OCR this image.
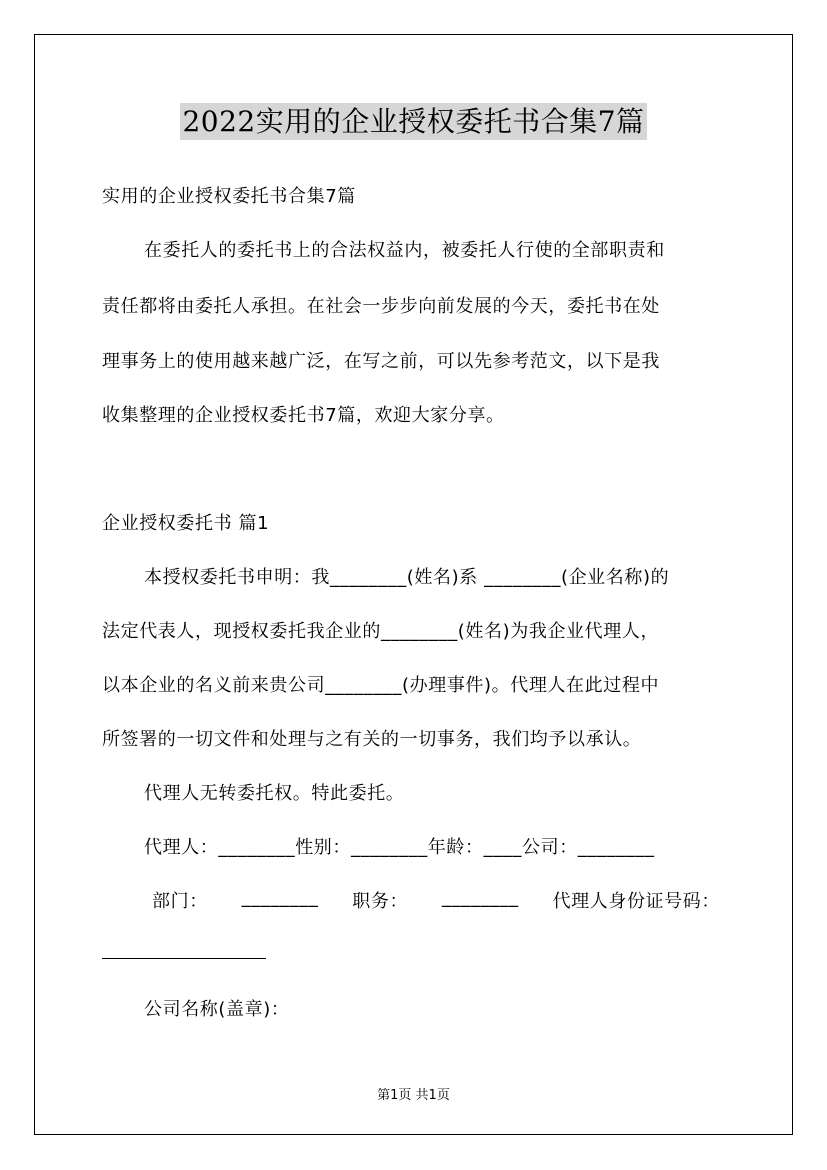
2022实用的企业授权委托书合集7篇
实用的企业授权委托书合集7篇
在委托人的委托书上的合法权益内，被委托人行使的全部职责和
责任都将由委托人承担。在社会一步步向前发展的今天，委托书在处
理事务上的使用越来越广泛，在写之前，可以先参考范文，以下是我
收集整理的企业授权委托书7篇，欢迎大家分享。
企业授权委托书 篇1
本授权委托书申明：我________(姓名)系 ________(企业名称)的
法定代表人，现授权委托我企业的________(姓名)为我企业代理人，
以本企业的名义前来贵公司________(办理事件)。代理人在此过程中
所签署的一切文件和处理与之有关的一切事务，我们均予以承认。
代理人无转委托权。特此委托。
代理人：________性别：________年龄：____公司：________
部门： ________ 职务： ________ 代理人身份证号码：
公司名称(盖章)：
第1页 共1页
